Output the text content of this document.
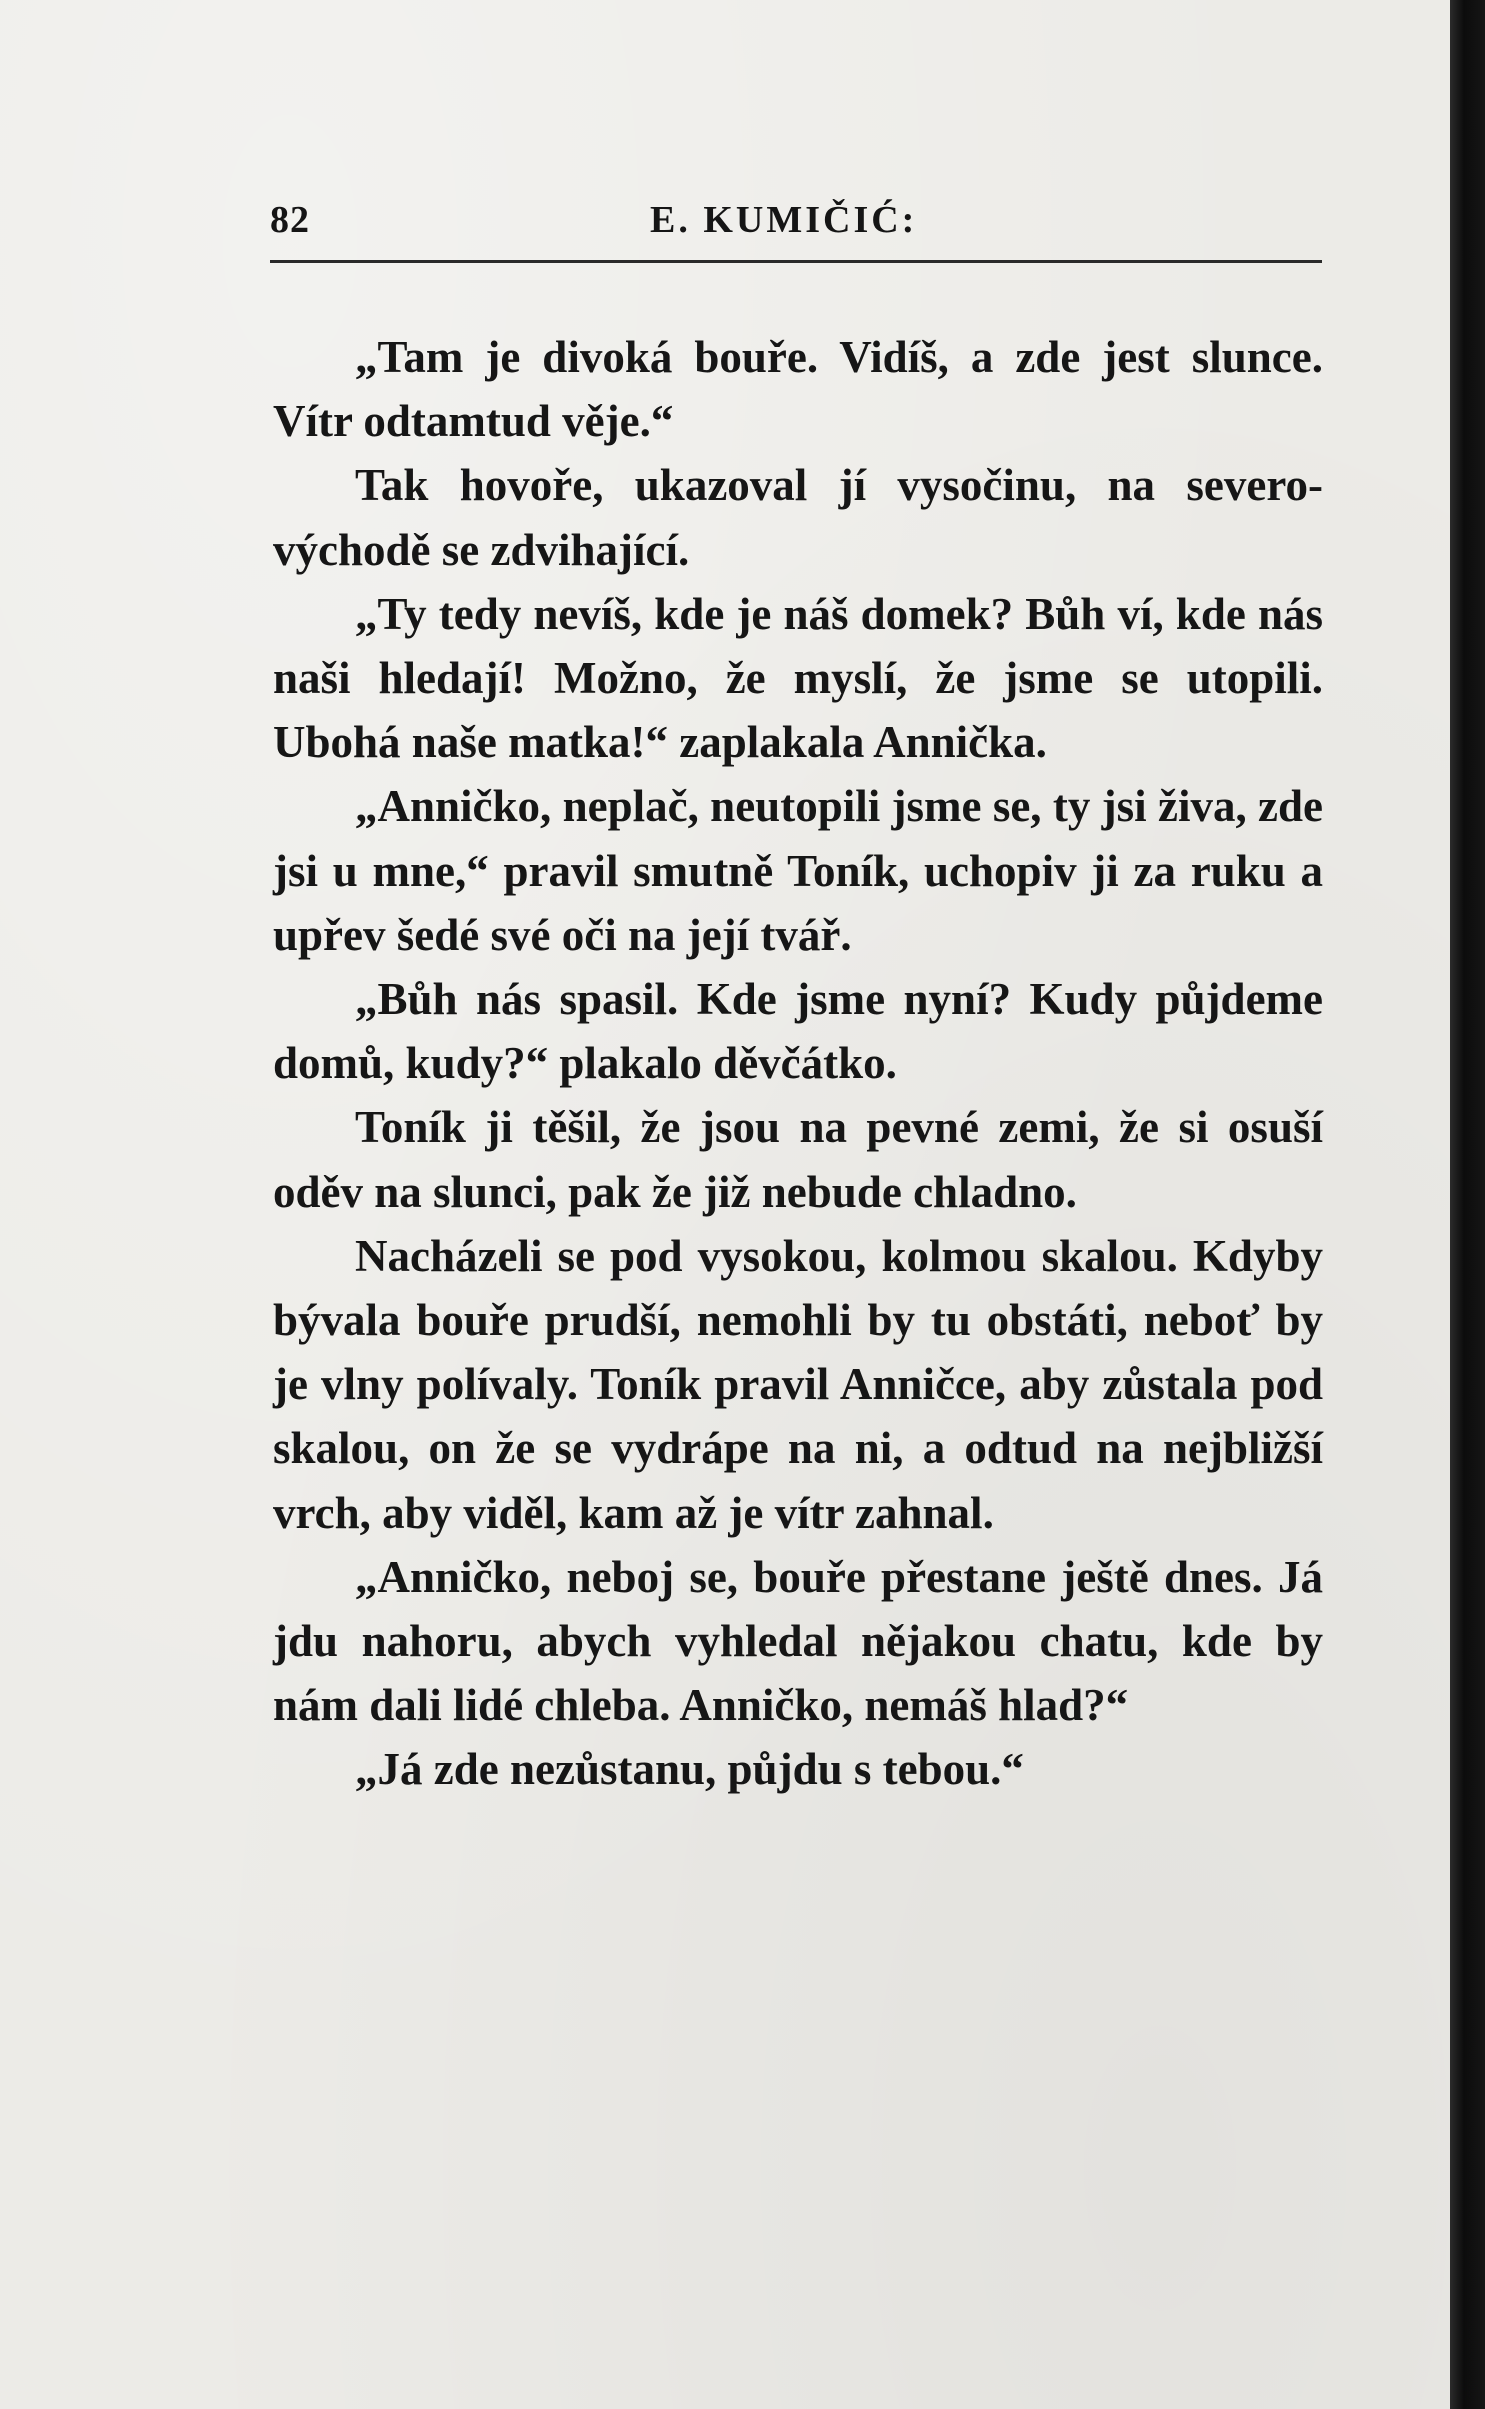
82	E. KUMIČIĆ:

„Tam je divoká bouře. Vidíš, a zde jest slunce. Vítr odtamtud věje.“

Tak hovoře, ukazoval jí vysočinu, na severovýchodě se zdvihající.

„Ty tedy nevíš, kde je náš domek? Bůh ví, kde nás naši hledají! Možno, že myslí, že jsme se utopili. Ubohá naše matka!“ zaplakala Annička.

„Anničko, neplač, neutopili jsme se, ty jsi živa, zde jsi u mne,“ pravil smutně Toník, uchopiv ji za ruku a upřev šedé své oči na její tvář.

„Bůh nás spasil. Kde jsme nyní? Kudy půjdeme domů, kudy?“ plakalo děvčátko.

Toník ji těšil, že jsou na pevné zemi, že si osuší oděv na slunci, pak že již nebude chladno.

Nacházeli se pod vysokou, kolmou skalou. Kdyby bývala bouře prudší, nemohli by tu obstáti, neboť by je vlny polívaly. Toník pravil Anničce, aby zůstala pod skalou, on že se vydrápe na ni, a odtud na nejbližší vrch, aby viděl, kam až je vítr zahnal.

„Anničko, neboj se, bouře přestane ještě dnes. Já jdu nahoru, abych vyhledal nějakou chatu, kde by nám dali lidé chleba. Anničko, nemáš hlad?“

„Já zde nezůstanu, půjdu s tebou.“
